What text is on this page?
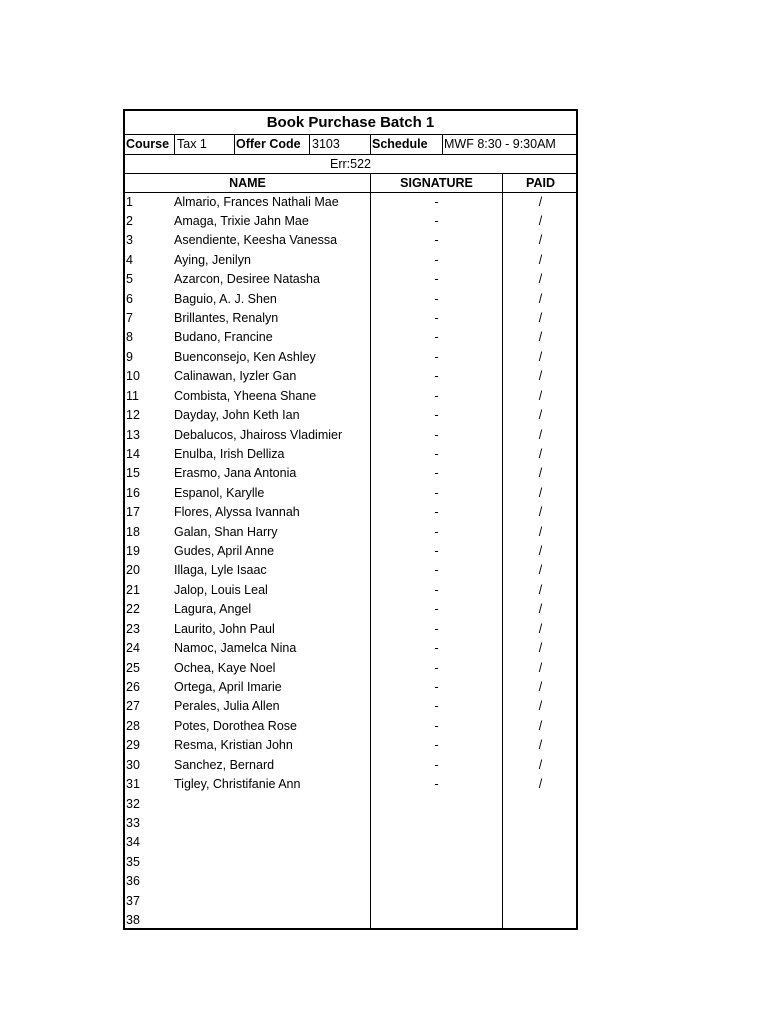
Book Purchase Batch 1
Course Tax 1	Offer Code 3103	Schedule	MWF 8:30 - 9:30AM
Err:522
NAME	SIGNATURE	PAID
1	Almario, Frances Nathali Mae	-	/
2	Amaga, Trixie Jahn Mae	-	/
3	Asendiente, Keesha Vanessa	-	/
4	Aying, Jenilyn	-	/
5	Azarcon, Desiree Natasha	-	/
6	Baguio, A. J. Shen	-	/
7	Brillantes, Renalyn	-	/
8	Budano, Francine	-	/
9	Buenconsejo, Ken Ashley	-	/
10	Calinawan, Iyzler Gan	-	/
11	Combista, Yheena Shane	-	/
12	Dayday, John Keth Ian	-	/
13	Debalucos, Jhaiross Vladimier	-	/
14	Enulba, Irish Delliza	-	/
15	Erasmo, Jana Antonia	-	/
16	Espanol, Karylle	-	/
17	Flores, Alyssa Ivannah	-	/
18	Galan, Shan Harry	-	/
19	Gudes, April Anne	-	/
20	Illaga, Lyle Isaac	-	/
21	Jalop, Louis Leal	-	/
22	Lagura, Angel	-	/
23	Laurito, John Paul	-	/
24	Namoc, Jamelca Nina	-	/
25	Ochea, Kaye Noel	-	/
26	Ortega, April Imarie	-	/
27	Perales, Julia Allen	-	/
28	Potes, Dorothea Rose	-	/
29	Resma, Kristian John	-	/
30	Sanchez, Bernard	-	/
31	Tigley, Christifanie Ann	-	/
32
33
34
35
36
37
38
